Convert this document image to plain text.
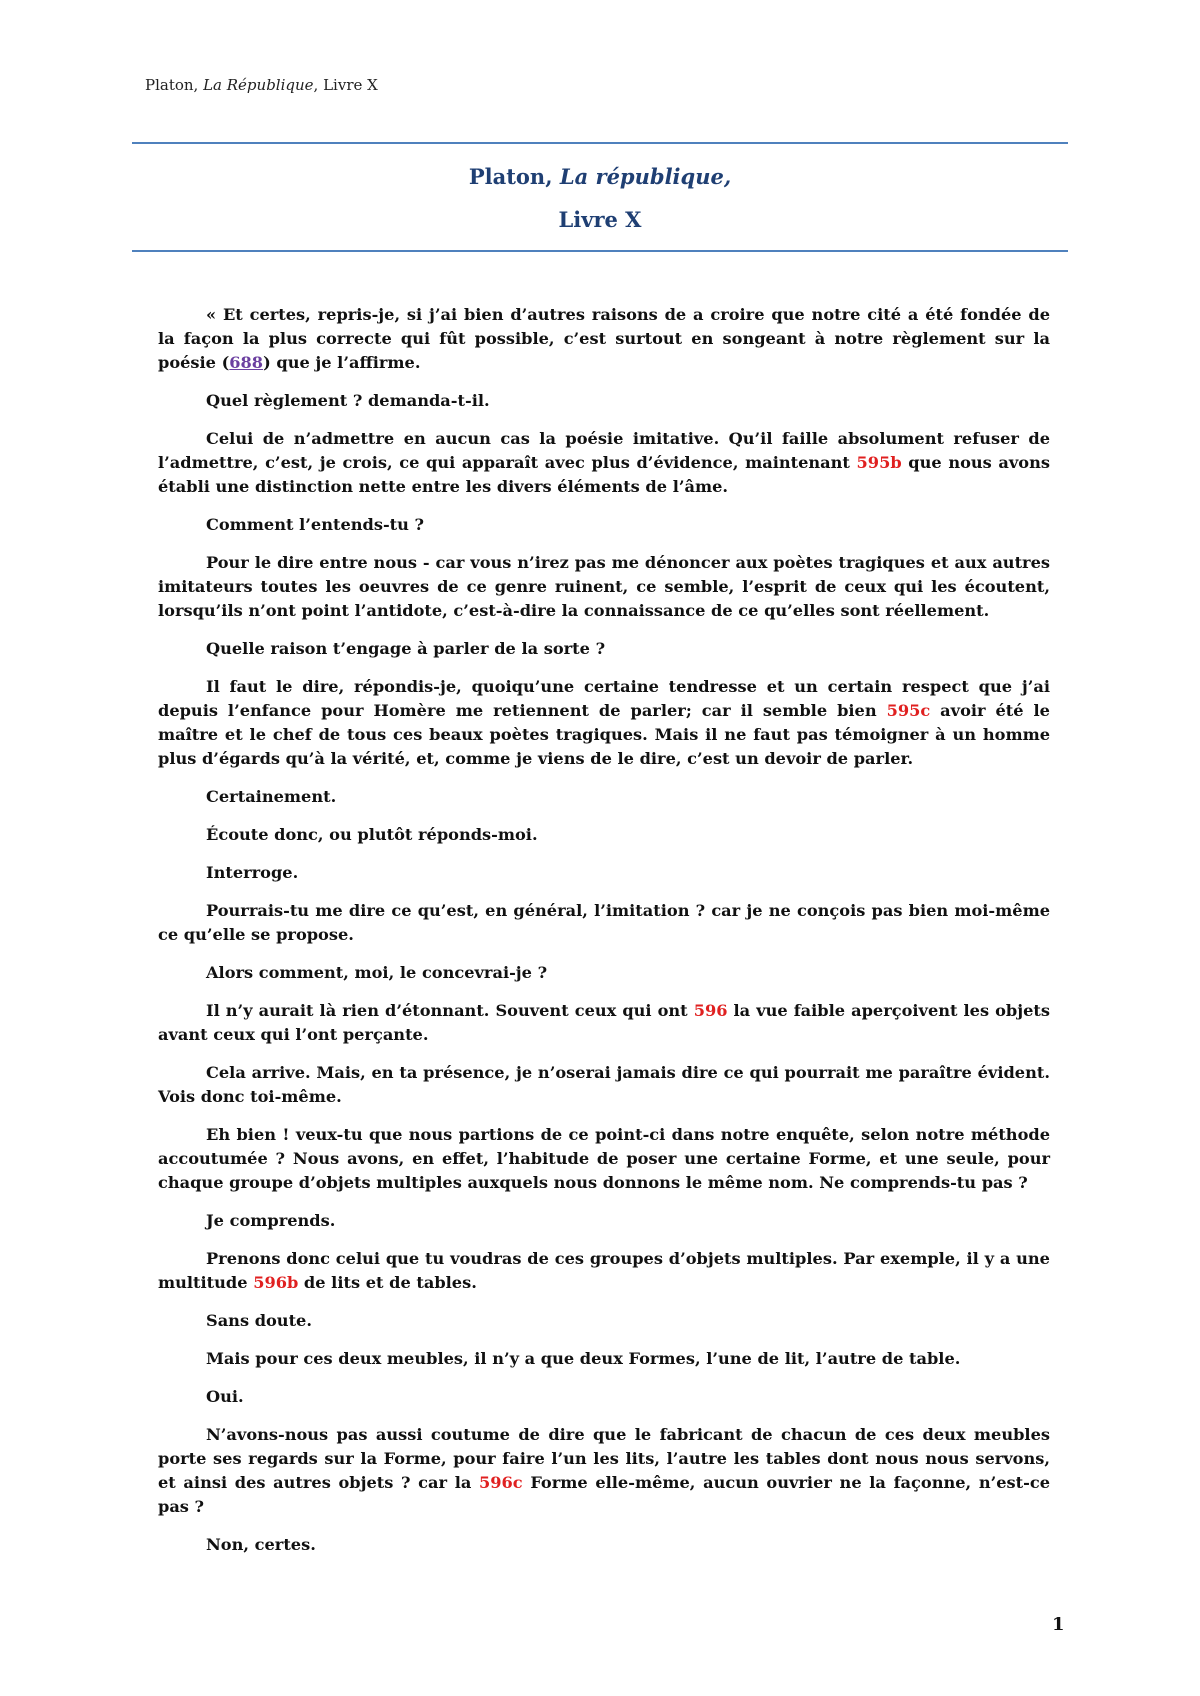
Platon, La République, Livre X
Platon, La république,
Livre X

« Et certes, repris-je, si j’ai bien d’autres raisons de a croire que notre cité a été fondée de la façon la plus correcte qui fût possible, c’est surtout en songeant à notre règlement sur la poésie (688) que je l’affirme.

Quel règlement ? demanda-t-il.

Celui de n’admettre en aucun cas la poésie imitative. Qu’il faille absolument refuser de l’admettre, c’est, je crois, ce qui apparaît avec plus d’évidence, maintenant 595b que nous avons établi une distinction nette entre les divers éléments de l’âme.

Comment l’entends-tu ?

Pour le dire entre nous - car vous n’irez pas me dénoncer aux poètes tragiques et aux autres imitateurs toutes les oeuvres de ce genre ruinent, ce semble, l’esprit de ceux qui les écoutent, lorsqu’ils n’ont point l’antidote, c’est-à-dire la connaissance de ce qu’elles sont réellement.

Quelle raison t’engage à parler de la sorte ?

Il faut le dire, répondis-je, quoiqu’une certaine tendresse et un certain respect que j’ai depuis l’enfance pour Homère me retiennent de parler; car il semble bien 595c avoir été le maître et le chef de tous ces beaux poètes tragiques. Mais il ne faut pas témoigner à un homme plus d’égards qu’à la vérité, et, comme je viens de le dire, c’est un devoir de parler.

Certainement.

Écoute donc, ou plutôt réponds-moi.

Interroge.

Pourrais-tu me dire ce qu’est, en général, l’imitation ? car je ne conçois pas bien moi-même ce qu’elle se propose.

Alors comment, moi, le concevrai-je ?

Il n’y aurait là rien d’étonnant. Souvent ceux qui ont 596 la vue faible aperçoivent les objets avant ceux qui l’ont perçante.

Cela arrive. Mais, en ta présence, je n’oserai jamais dire ce qui pourrait me paraître évident. Vois donc toi-même.

Eh bien ! veux-tu que nous partions de ce point-ci dans notre enquête, selon notre méthode accoutumée ? Nous avons, en effet, l’habitude de poser une certaine Forme, et une seule, pour chaque groupe d’objets multiples auxquels nous donnons le même nom. Ne comprends-tu pas ?

Je comprends.

Prenons donc celui que tu voudras de ces groupes d’objets multiples. Par exemple, il y a une multitude 596b de lits et de tables.

Sans doute.

Mais pour ces deux meubles, il n’y a que deux Formes, l’une de lit, l’autre de table.

Oui.

N’avons-nous pas aussi coutume de dire que le fabricant de chacun de ces deux meubles porte ses regards sur la Forme, pour faire l’un les lits, l’autre les tables dont nous nous servons, et ainsi des autres objets ? car la 596c Forme elle-même, aucun ouvrier ne la façonne, n’est-ce pas ?

Non, certes.

1
